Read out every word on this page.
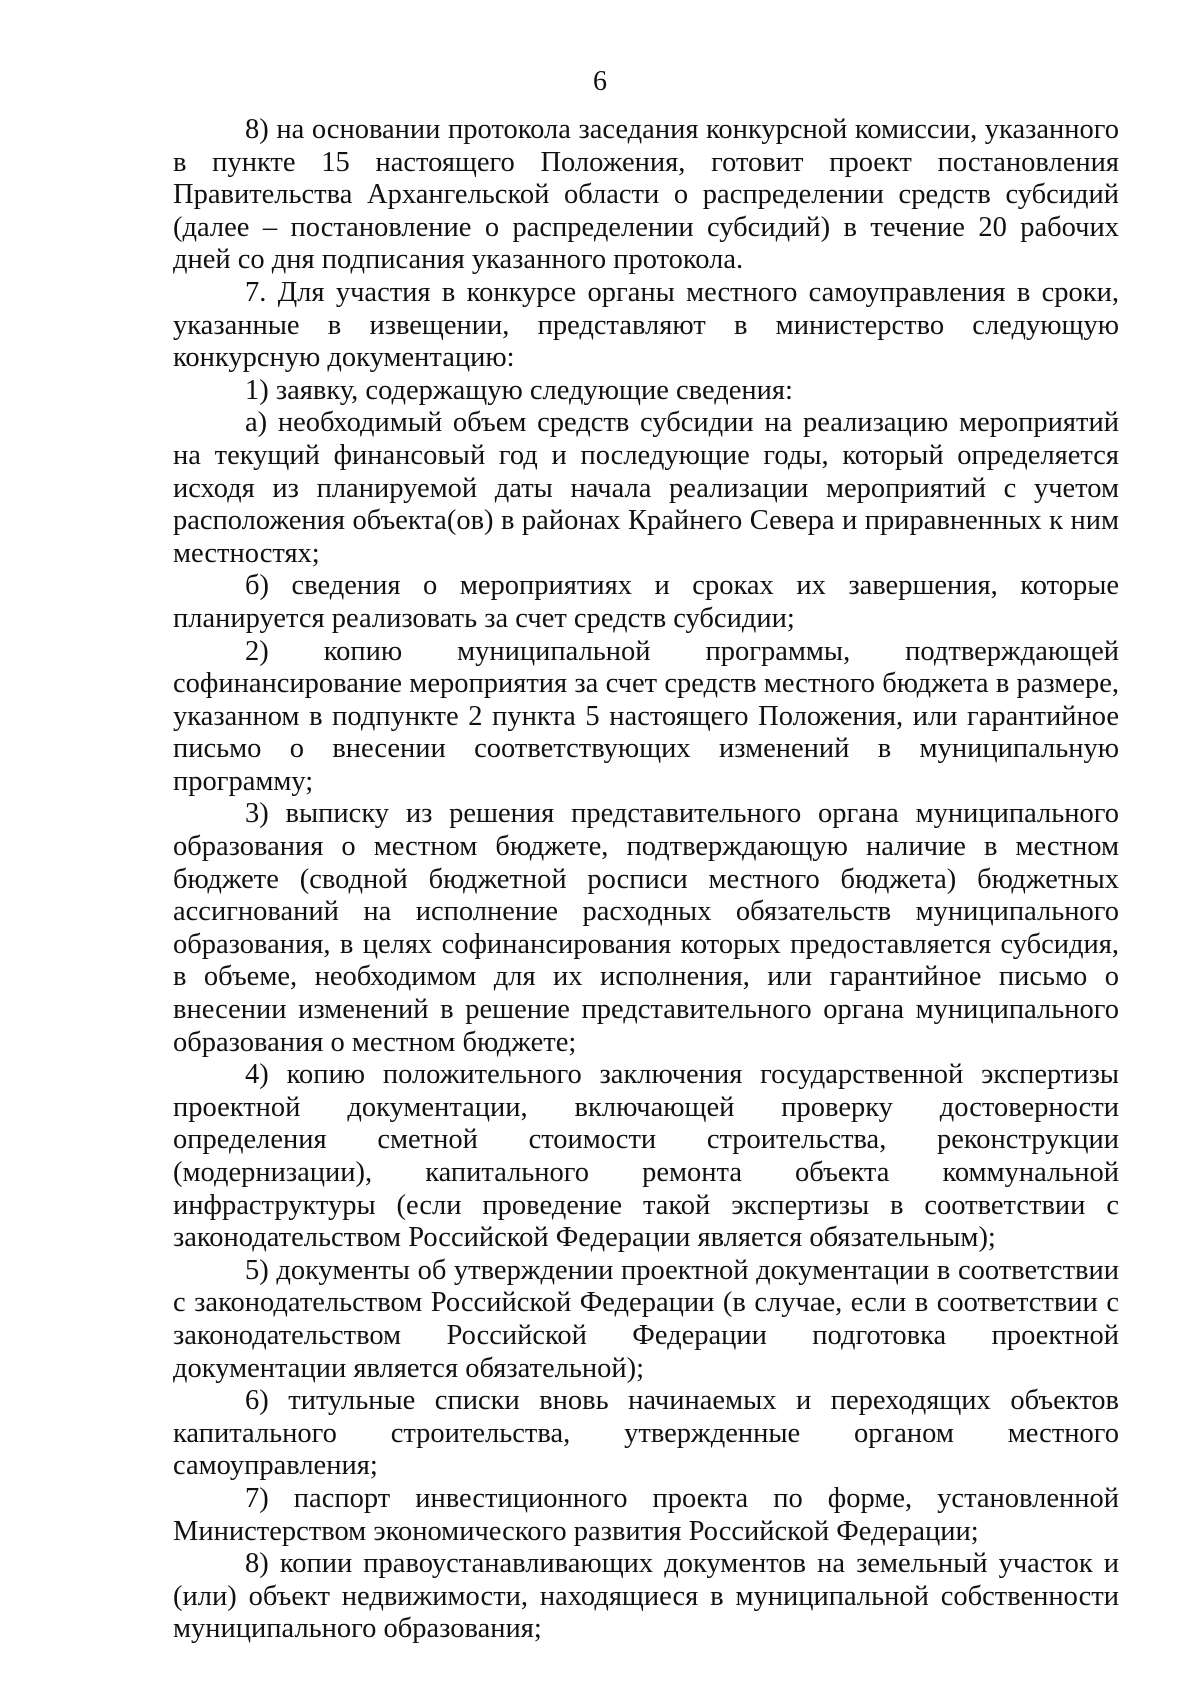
6

8) на основании протокола заседания конкурсной комиссии, указанного в пункте 15 настоящего Положения, готовит проект постановления Правительства Архангельской области о распределении средств субсидий (далее – постановление о распределении субсидий) в течение 20 рабочих дней со дня подписания указанного протокола.

7. Для участия в конкурсе органы местного самоуправления в сроки, указанные в извещении, представляют в министерство следующую конкурсную документацию:

1) заявку, содержащую следующие сведения:

а) необходимый объем средств субсидии на реализацию мероприятий на текущий финансовый год и последующие годы, который определяется исходя из планируемой даты начала реализации мероприятий с учетом расположения объекта(ов) в районах Крайнего Севера и приравненных к ним местностях;

б) сведения о мероприятиях и сроках их завершения, которые планируется реализовать за счет средств субсидии;

2) копию муниципальной программы, подтверждающей софинансирование мероприятия за счет средств местного бюджета в размере, указанном в подпункте 2 пункта 5 настоящего Положения, или гарантийное письмо о внесении соответствующих изменений в муниципальную программу;

3) выписку из решения представительного органа муниципального образования о местном бюджете, подтверждающую наличие в местном бюджете (сводной бюджетной росписи местного бюджета) бюджетных ассигнований на исполнение расходных обязательств муниципального образования, в целях софинансирования которых предоставляется субсидия, в объеме, необходимом для их исполнения, или гарантийное письмо о внесении изменений в решение представительного органа муниципального образования о местном бюджете;

4) копию положительного заключения государственной экспертизы проектной документации, включающей проверку достоверности определения сметной стоимости строительства, реконструкции (модернизации), капитального ремонта объекта коммунальной инфраструктуры (если проведение такой экспертизы в соответствии с законодательством Российской Федерации является обязательным);

5) документы об утверждении проектной документации в соответствии с законодательством Российской Федерации (в случае, если в соответствии с законодательством Российской Федерации подготовка проектной документации является обязательной);

6) титульные списки вновь начинаемых и переходящих объектов капитального строительства, утвержденные органом местного самоуправления;

7) паспорт инвестиционного проекта по форме, установленной Министерством экономического развития Российской Федерации;

8) копии правоустанавливающих документов на земельный участок и (или) объект недвижимости, находящиеся в муниципальной собственности муниципального образования;
